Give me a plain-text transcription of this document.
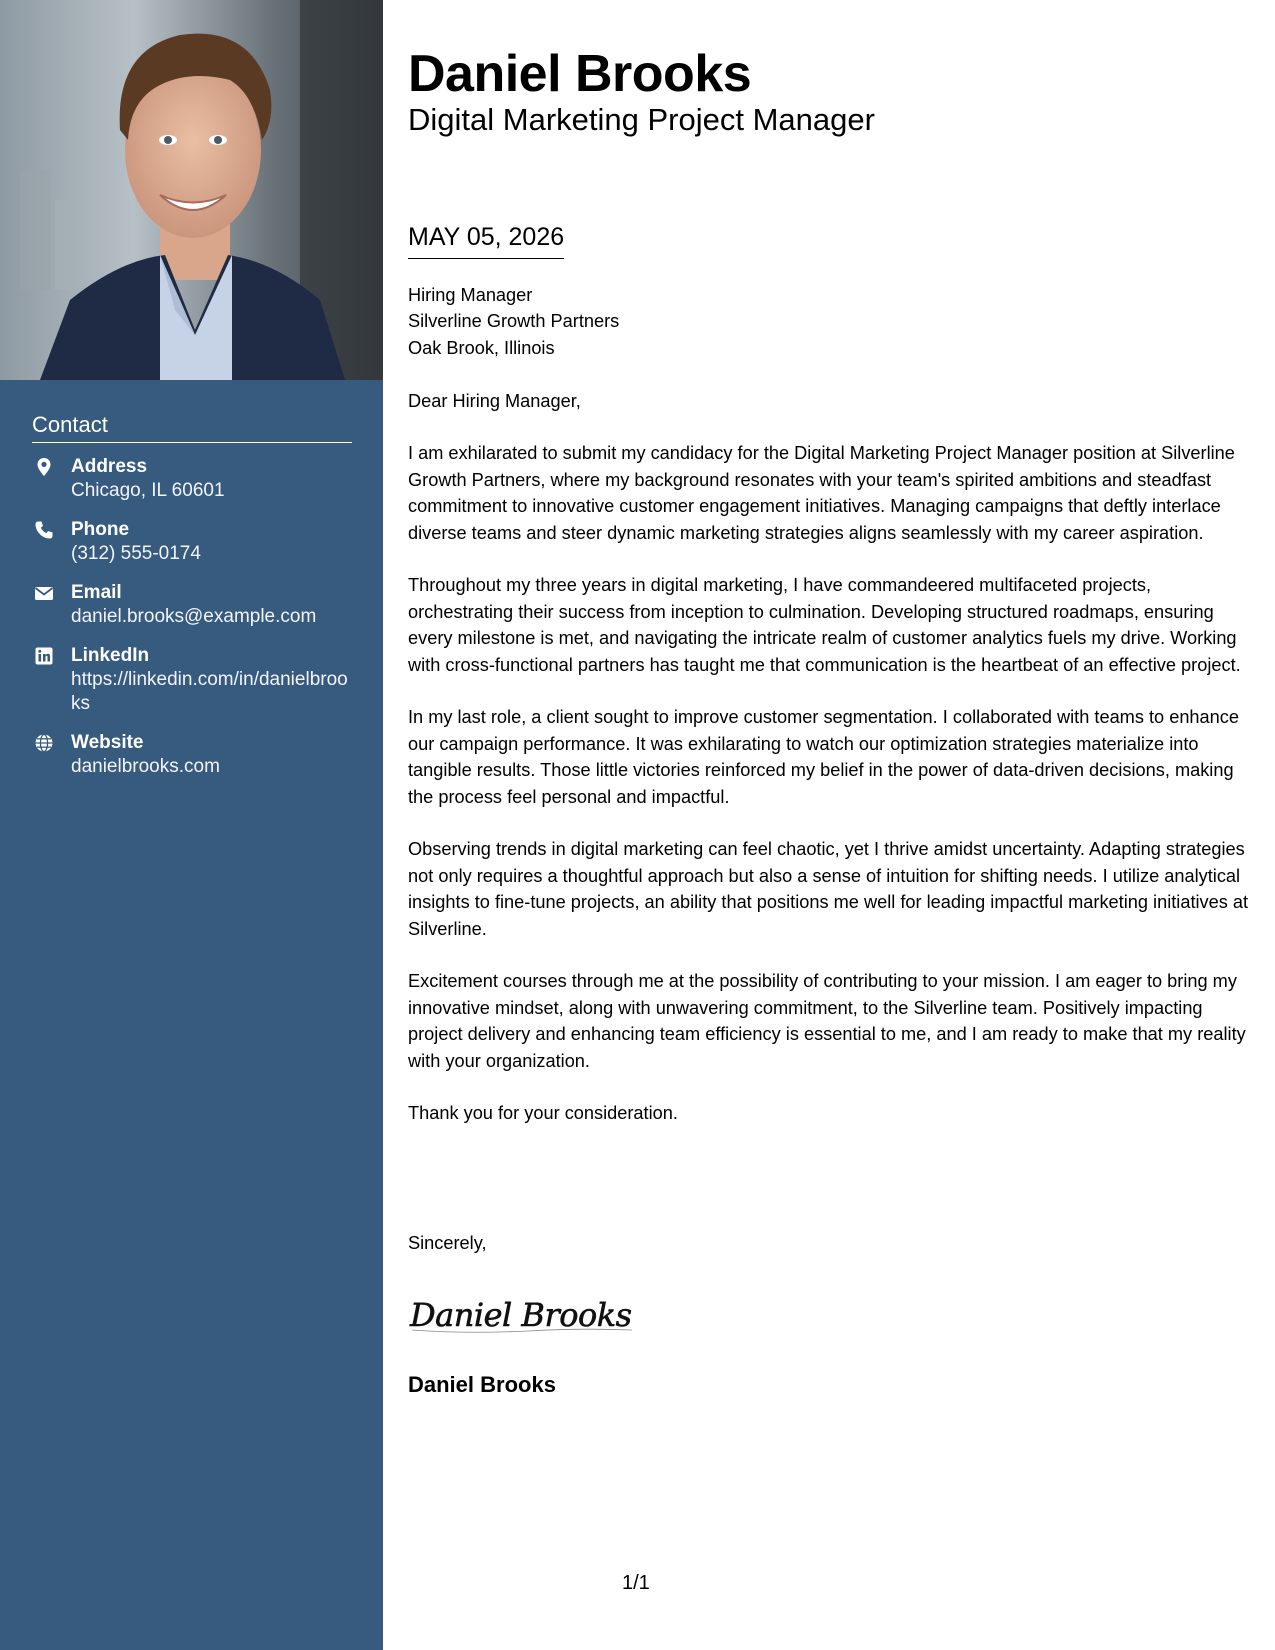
Contact
Address
Chicago, IL 60601
Phone
(312) 555-0174
Email
daniel.brooks@example.com
LinkedIn
https://linkedin.com/in/danielbrooks
Website
danielbrooks.com
Daniel Brooks
Digital Marketing Project Manager
MAY 05, 2026

Hiring Manager

Silverline Growth Partners

Oak Brook, Illinois

Dear Hiring Manager,

I am exhilarated to submit my candidacy for the Digital Marketing Project Manager position at Silverline Growth Partners, where my background resonates with your team's spirited ambitions and steadfast commitment to innovative customer engagement initiatives. Managing campaigns that deftly interlace diverse teams and steer dynamic marketing strategies aligns seamlessly with my career aspiration.

Throughout my three years in digital marketing, I have commandeered multifaceted projects, orchestrating their success from inception to culmination. Developing structured roadmaps, ensuring every milestone is met, and navigating the intricate realm of customer analytics fuels my drive. Working with cross-functional partners has taught me that communication is the heartbeat of an effective project.

In my last role, a client sought to improve customer segmentation. I collaborated with teams to enhance our campaign performance. It was exhilarating to watch our optimization strategies materialize into tangible results. Those little victories reinforced my belief in the power of data-driven decisions, making the process feel personal and impactful.

Observing trends in digital marketing can feel chaotic, yet I thrive amidst uncertainty. Adapting strategies not only requires a thoughtful approach but also a sense of intuition for shifting needs. I utilize analytical insights to fine-tune projects, an ability that positions me well for leading impactful marketing initiatives at Silverline.

Excitement courses through me at the possibility of contributing to your mission. I am eager to bring my innovative mindset, along with unwavering commitment, to the Silverline team. Positively impacting project delivery and enhancing team efficiency is essential to me, and I am ready to make that my reality with your organization.

Thank you for your consideration.

Sincerely,
Daniel Brooks
Daniel Brooks
1/1
